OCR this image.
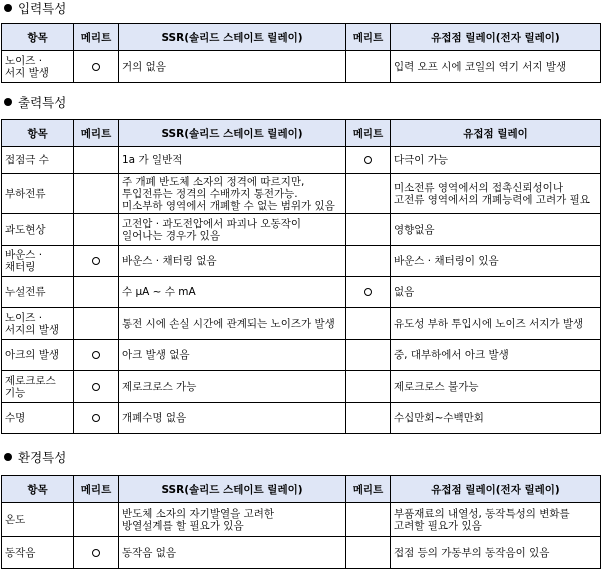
입력특성
항목	메리트	SSR(솔리드 스테이트 릴레이)	메리트	유접점 릴레이(전자 릴레이)

노이즈 ·
서지 발생		거의 없음		입력 오프 시에 코일의 역기 서지 발생
출력특성
항목	메리트	SSR(솔리드 스테이트 릴레이)	메리트	유접점 릴레이

접점극 수		1a 가 일반적		다극이 가능

부하전류		주 개폐 반도체 소자의 정격에 따르지만,
투입전류는 정격의 수배까지 통전가능.
미소부하 영역에서 개폐할 수 없는 범위가 있음		미소전류 영역에서의 접촉신뢰성이나
고전류 영역에서의 개폐능력에 고려가 필요

과도현상		고전압 · 과도전압에서 파괴나 오동작이
일어나는 경우가 있음		영향없음

바운스 ·
채터링		바운스 · 채터링 없음		바운스 · 채터링이 있음

누설전류		수 μA ~ 수 mA		없음

노이즈 ·
서지의 발생		통전 시에 손실 시간에 관계되는 노이즈가 발생		유도성 부하 투입시에 노이즈 서지가 발생

아크의 발생		아크 발생 없음		중, 대부하에서 아크 발생

제로크로스
기능		제로크로스 가능		제로크로스 불가능

수명		개폐수명 없음		수십만회~수백만회
환경특성
항목	메리트	SSR(솔리드 스테이트 릴레이)	메리트	유접점 릴레이(전자 릴레이)

온도		반도체 소자의 자기발열을 고려한
방열설계를 할 필요가 있음		부품재료의 내열성, 동작특성의 변화를
고려할 필요가 있음

동작음		동작음 없음		접점 등의 가동부의 동작음이 있음
